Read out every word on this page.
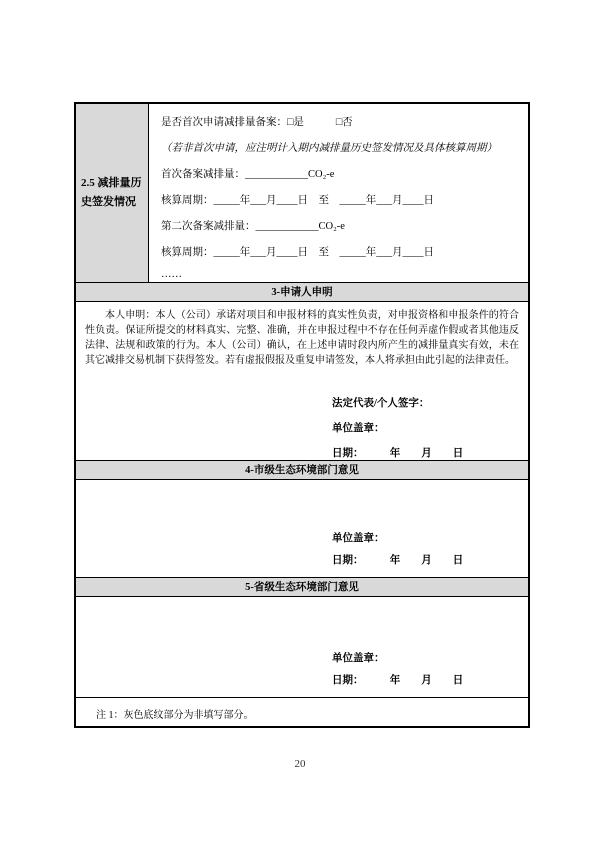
2.5 减排量历
史签发情况
是否首次申请减排量备案：□是	□否
（若非首次申请，应注明计入期内减排量历史签发情况及具体核算周期）
首次备案减排量：____________CO₂-e
核算周期：_____年___月____日　至　_____年___月____日
第二次备案减排量：____________CO₂-e
核算周期：_____年___月____日　至　_____年___月____日
……
3-申请人申明

本人申明：本人（公司）承诺对项目和申报材料的真实性负责，对申报资格和申报条件的符合性负责。保证所提交的材料真实、完整、准确，并在申报过程中不存在任何弄虚作假或者其他违反法律、法规和政策的行为。本人（公司）确认，在上述申请时段内所产生的减排量真实有效，未在其它减排交易机制下获得签发。若有虚报假报及重复申请签发，本人将承担由此引起的法律责任。

法定代表/个人签字：
单位盖章：
日期：　　　年　　月　　日
4-市级生态环境部门意见
单位盖章：
日期：　　　年　　月　　日
5-省级生态环境部门意见
单位盖章：
日期：　　　年　　月　　日
注 1：灰色底纹部分为非填写部分。
20
